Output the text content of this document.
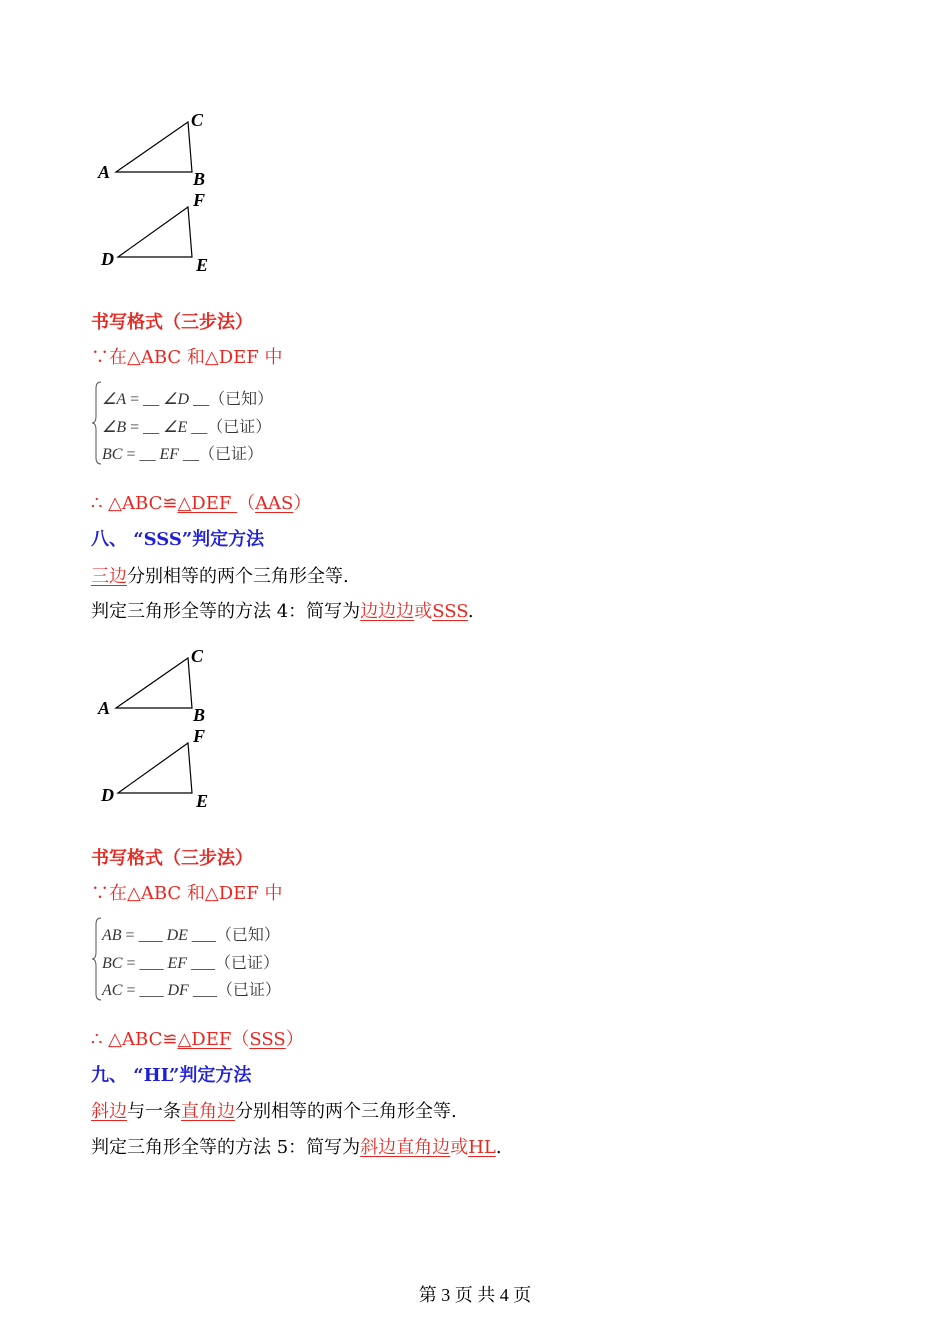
A
C
B
F
D	E
书写格式（三步法）
∵在△ABC 和△DEF 中
∠A = __ ∠D __（已知）
∠B = __ ∠E __（已证）
BC = __ EF __（已证）
∴ △ABC≌△DEF （AAS）
八、 “SSS”判定方法
三边分别相等的两个三角形全等.
判定三角形全等的方法 4：简写为边边边或SSS.
A
C
B
F
D	E
书写格式（三步法）
∵在△ABC 和△DEF 中
AB = ___ DE ___（已知）
BC = ___ EF ___（已证）
AC = ___ DF ___（已证）
∴ △ABC≌△DEF（SSS）
九、 “HL”判定方法
斜边与一条直角边分别相等的两个三角形全等.
判定三角形全等的方法 5：简写为斜边直角边或HL.
第 3 页 共 4 页
